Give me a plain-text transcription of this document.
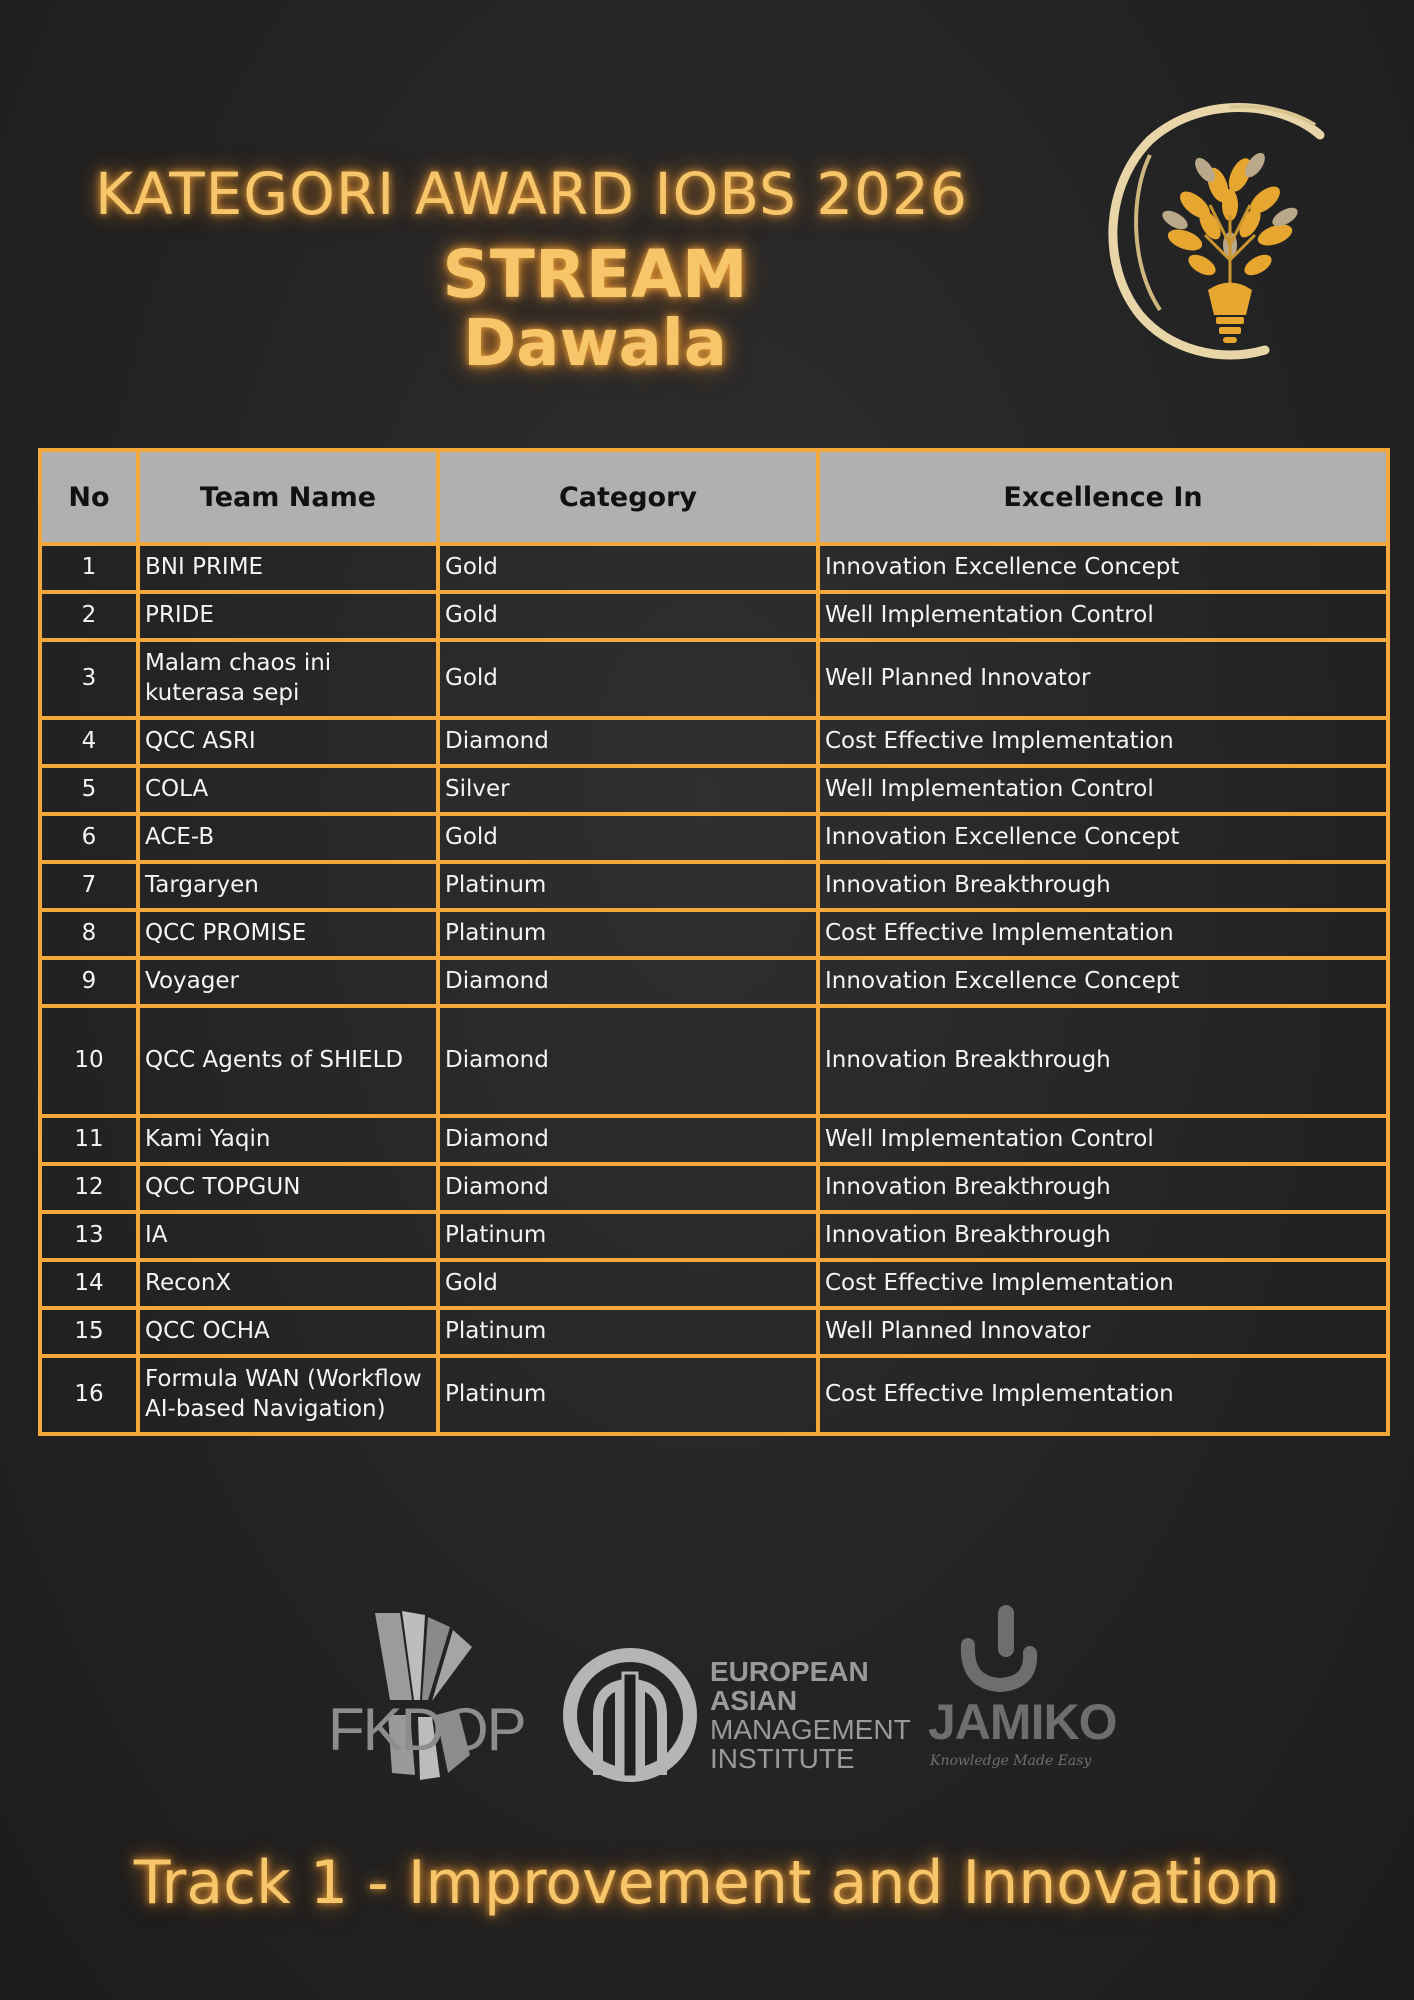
KATEGORI AWARD IOBS 2026
STREAM
Dawala
No	Team Name	Category	Excellence In
1	BNI PRIME	Gold	Innovation Excellence Concept
2	PRIDE	Gold	Well Implementation Control
3	Malam chaos ini kuterasa sepi	Gold	Well Planned Innovator
4	QCC ASRI	Diamond	Cost Effective Implementation
5	COLA	Silver	Well Implementation Control
6	ACE-B	Gold	Innovation Excellence Concept
7	Targaryen	Platinum	Innovation Breakthrough
8	QCC PROMISE	Platinum	Cost Effective Implementation
9	Voyager	Diamond	Innovation Excellence Concept
10	QCC Agents of SHIELD	Diamond	Innovation Breakthrough
11	Kami Yaqin	Diamond	Well Implementation Control
12	QCC TOPGUN	Diamond	Innovation Breakthrough
13	IA	Platinum	Innovation Breakthrough
14	ReconX	Gold	Cost Effective Implementation
15	QCC OCHA	Platinum	Well Planned Innovator
16	Formula WAN (Workflow AI-based Navigation)	Platinum	Cost Effective Implementation
FKDOP
EUROPEAN
ASIAN
MANAGEMENT
INSTITUTE
JAMIKO
Knowledge Made Easy
Track 1 - Improvement and Innovation
